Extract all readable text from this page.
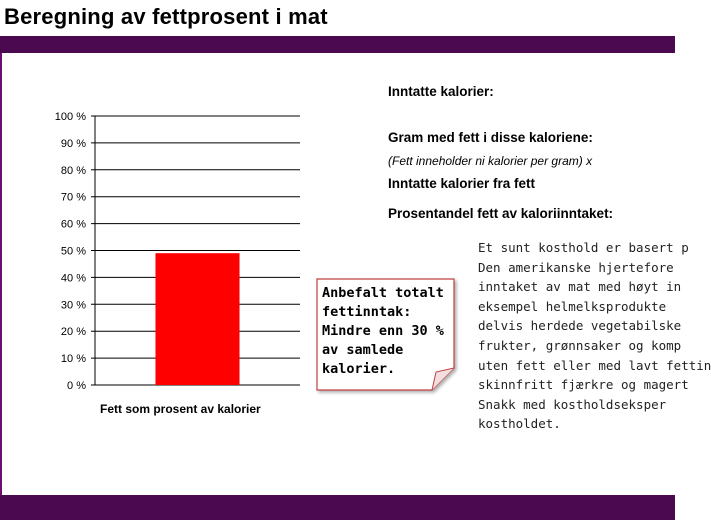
Beregning av fettprosent i mat
0 %
10 %
20 %
30 %
40 %
50 %
60 %
70 %
80 %
90 %
100 %
Fett som prosent av kalorier
Inntatte kalorier:
Gram med fett i disse kaloriene:
(Fett inneholder ni kalorier per gram) x
Inntatte kalorier fra fett
Prosentandel fett av kaloriinntaket:
Anbefalt totalt
fettinntak:
Mindre enn 30 %
av samlede
kalorier.
Et sunt kosthold er basert p
Den amerikanske hjertefore
inntaket av mat med høyt in
eksempel helmelksprodukte
delvis herdede vegetabilske
frukter, grønnsaker og komp
uten fett eller med lavt fettin
skinnfritt fjærkre og magert
Snakk med kostholdseksper
kostholdet.
